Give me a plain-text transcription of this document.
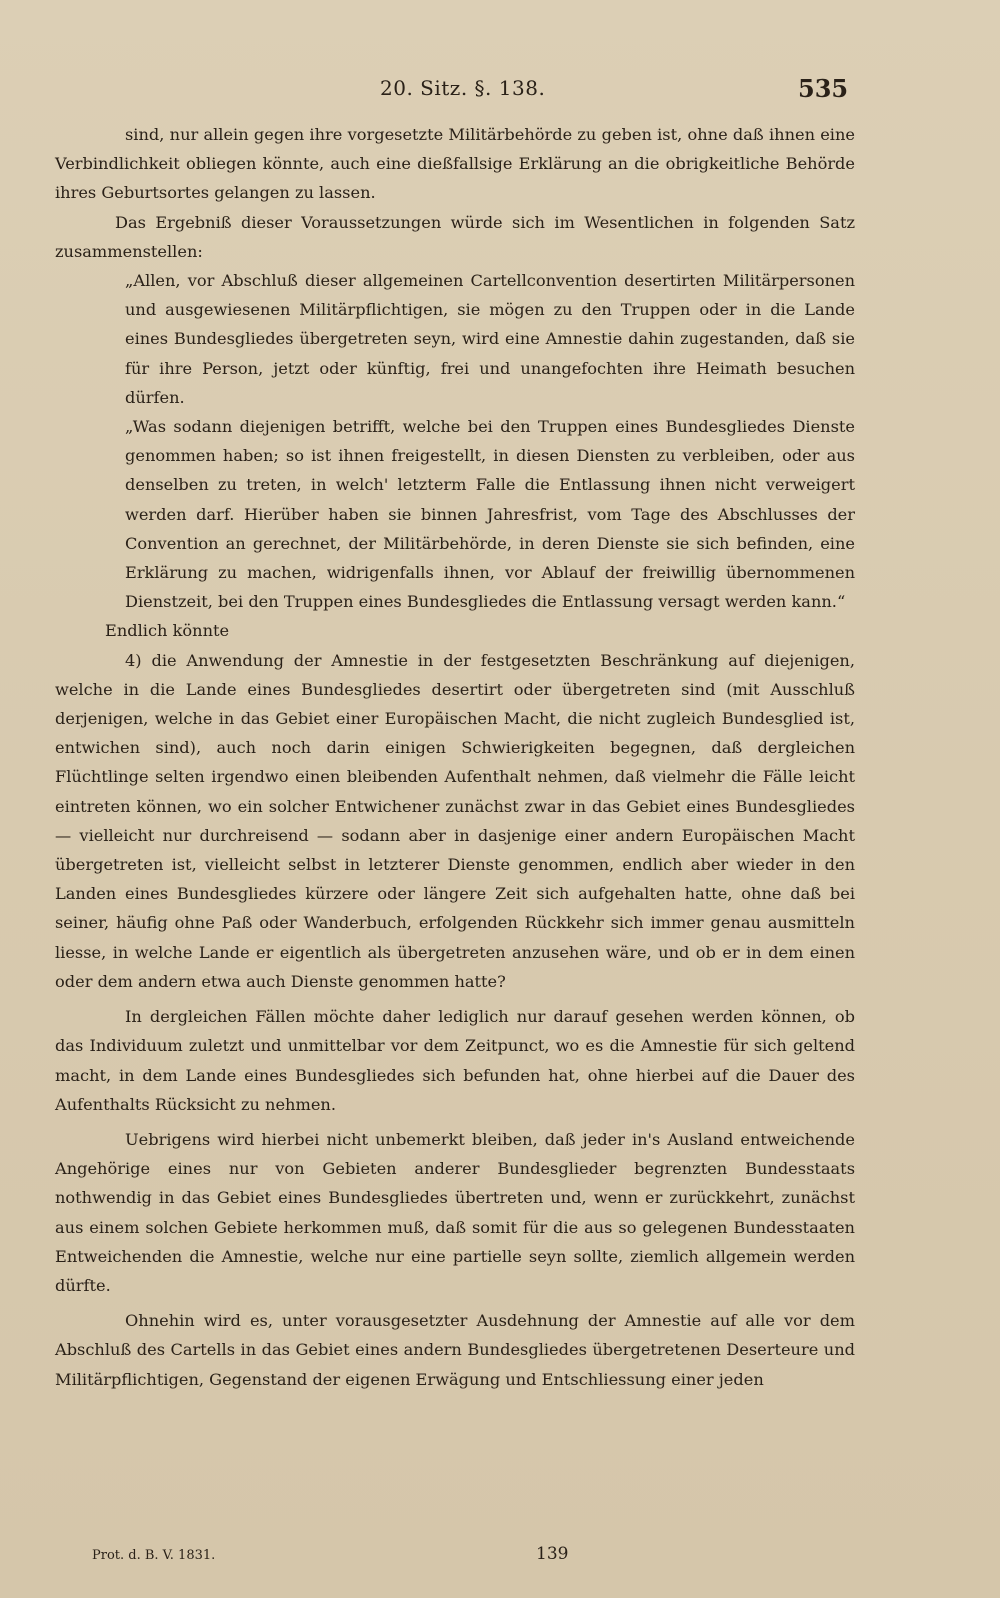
20. Sitz. §. 138.	535

sind, nur allein gegen ihre vorgesetzte Militärbehörde zu geben ist, ohne daß ihnen eine Verbindlichkeit obliegen könnte, auch eine dießfallsige Erklärung an die obrigkeitliche Behörde ihres Geburtsortes gelangen zu lassen.

Das Ergebniß dieser Voraussetzungen würde sich im Wesentlichen in folgenden Satz zusammenstellen:

„Allen, vor Abschluß dieser allgemeinen Cartellconvention desertirten Militärpersonen und ausgewiesenen Militärpflichtigen, sie mögen zu den Truppen oder in die Lande eines Bundesgliedes übergetreten seyn, wird eine Amnestie dahin zugestanden, daß sie für ihre Person, jetzt oder künftig, frei und unangefochten ihre Heimath besuchen dürfen.

„Was sodann diejenigen betrifft, welche bei den Truppen eines Bundesgliedes Dienste genommen haben; so ist ihnen freigestellt, in diesen Diensten zu verbleiben, oder aus denselben zu treten, in welch' letzterm Falle die Entlassung ihnen nicht verweigert werden darf. Hierüber haben sie binnen Jahresfrist, vom Tage des Abschlusses der Convention an gerechnet, der Militärbehörde, in deren Dienste sie sich befinden, eine Erklärung zu machen, widrigenfalls ihnen, vor Ablauf der freiwillig übernommenen Dienstzeit, bei den Truppen eines Bundesgliedes die Entlassung versagt werden kann.“

Endlich könnte

4) die Anwendung der Amnestie in der festgesetzten Beschränkung auf diejenigen, welche in die Lande eines Bundesgliedes desertirt oder übergetreten sind (mit Ausschluß derjenigen, welche in das Gebiet einer Europäischen Macht, die nicht zugleich Bundesglied ist, entwichen sind), auch noch darin einigen Schwierigkeiten begegnen, daß dergleichen Flüchtlinge selten irgendwo einen bleibenden Aufenthalt nehmen, daß vielmehr die Fälle leicht eintreten können, wo ein solcher Entwichener zunächst zwar in das Gebiet eines Bundesgliedes — vielleicht nur durchreisend — sodann aber in dasjenige einer andern Europäischen Macht übergetreten ist, vielleicht selbst in letzterer Dienste genommen, endlich aber wieder in den Landen eines Bundesgliedes kürzere oder längere Zeit sich aufgehalten hatte, ohne daß bei seiner, häufig ohne Paß oder Wanderbuch, erfolgenden Rückkehr sich immer genau ausmitteln liesse, in welche Lande er eigentlich als übergetreten anzusehen wäre, und ob er in dem einen oder dem andern etwa auch Dienste genommen hatte?

In dergleichen Fällen möchte daher lediglich nur darauf gesehen werden können, ob das Individuum zuletzt und unmittelbar vor dem Zeitpunct, wo es die Amnestie für sich geltend macht, in dem Lande eines Bundesgliedes sich befunden hat, ohne hierbei auf die Dauer des Aufenthalts Rücksicht zu nehmen.

Uebrigens wird hierbei nicht unbemerkt bleiben, daß jeder in's Ausland entweichende Angehörige eines nur von Gebieten anderer Bundesglieder begrenzten Bundesstaats nothwendig in das Gebiet eines Bundesgliedes übertreten und, wenn er zurückkehrt, zunächst aus einem solchen Gebiete herkommen muß, daß somit für die aus so gelegenen Bundesstaaten Entweichenden die Amnestie, welche nur eine partielle seyn sollte, ziemlich allgemein werden dürfte.

Ohnehin wird es, unter vorausgesetzter Ausdehnung der Amnestie auf alle vor dem Abschluß des Cartells in das Gebiet eines andern Bundesgliedes übergetretenen Deserteure und Militärpflichtigen, Gegenstand der eigenen Erwägung und Entschliessung einer jeden

Prot. d. B. V. 1831.	139
